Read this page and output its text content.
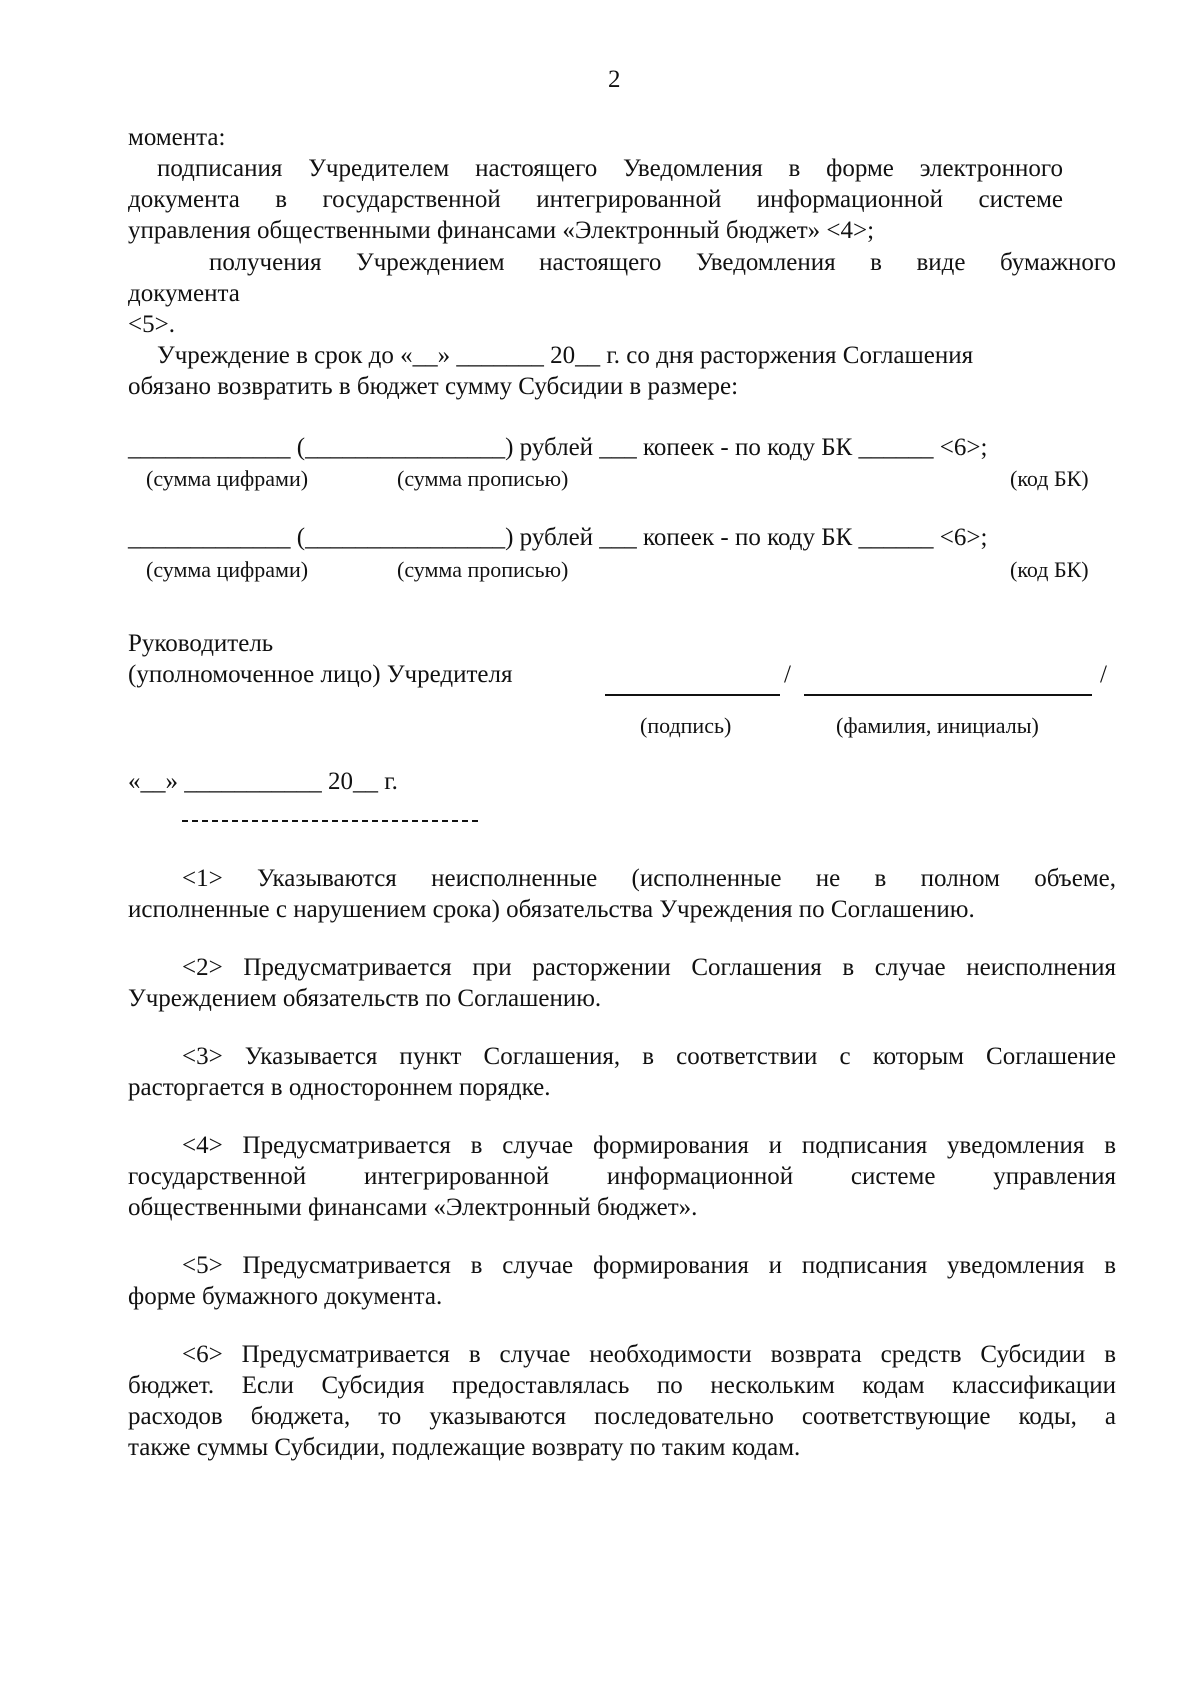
2
момента:
подписания Учредителем настоящего Уведомления в форме электронного
документа в государственной интегрированной информационной системе
управления общественными финансами «Электронный бюджет» <4>;
получения Учреждением настоящего Уведомления в виде бумажного
документа
<5>.
Учреждение в срок до «__» _______ 20__ г. со дня расторжения Соглашения
обязано возвратить в бюджет сумму Субсидии в размере:
_____________ (________________) рублей ___ копеек - по коду БК ______ <6>;
(сумма цифрами)	(сумма прописью)	(код БК)
_____________ (________________) рублей ___ копеек - по коду БК ______ <6>;
(сумма цифрами)	(сумма прописью)	(код БК)
Руководитель
(уполномоченное лицо) Учредителя	/	/
(подпись)	(фамилия, инициалы)
«__» ___________ 20__ г.
<1> Указываются неисполненные (исполненные не в полном объеме,
исполненные с нарушением срока) обязательства Учреждения по Соглашению.
<2> Предусматривается при расторжении Соглашения в случае неисполнения
Учреждением обязательств по Соглашению.
<3> Указывается пункт Соглашения, в соответствии с которым Соглашение
расторгается в одностороннем порядке.
<4> Предусматривается в случае формирования и подписания уведомления в
государственной интегрированной информационной системе управления
общественными финансами «Электронный бюджет».
<5> Предусматривается в случае формирования и подписания уведомления в
форме бумажного документа.
<6> Предусматривается в случае необходимости возврата средств Субсидии в
бюджет. Если Субсидия предоставлялась по нескольким кодам классификации
расходов бюджета, то указываются последовательно соответствующие коды, а
также суммы Субсидии, подлежащие возврату по таким кодам.
